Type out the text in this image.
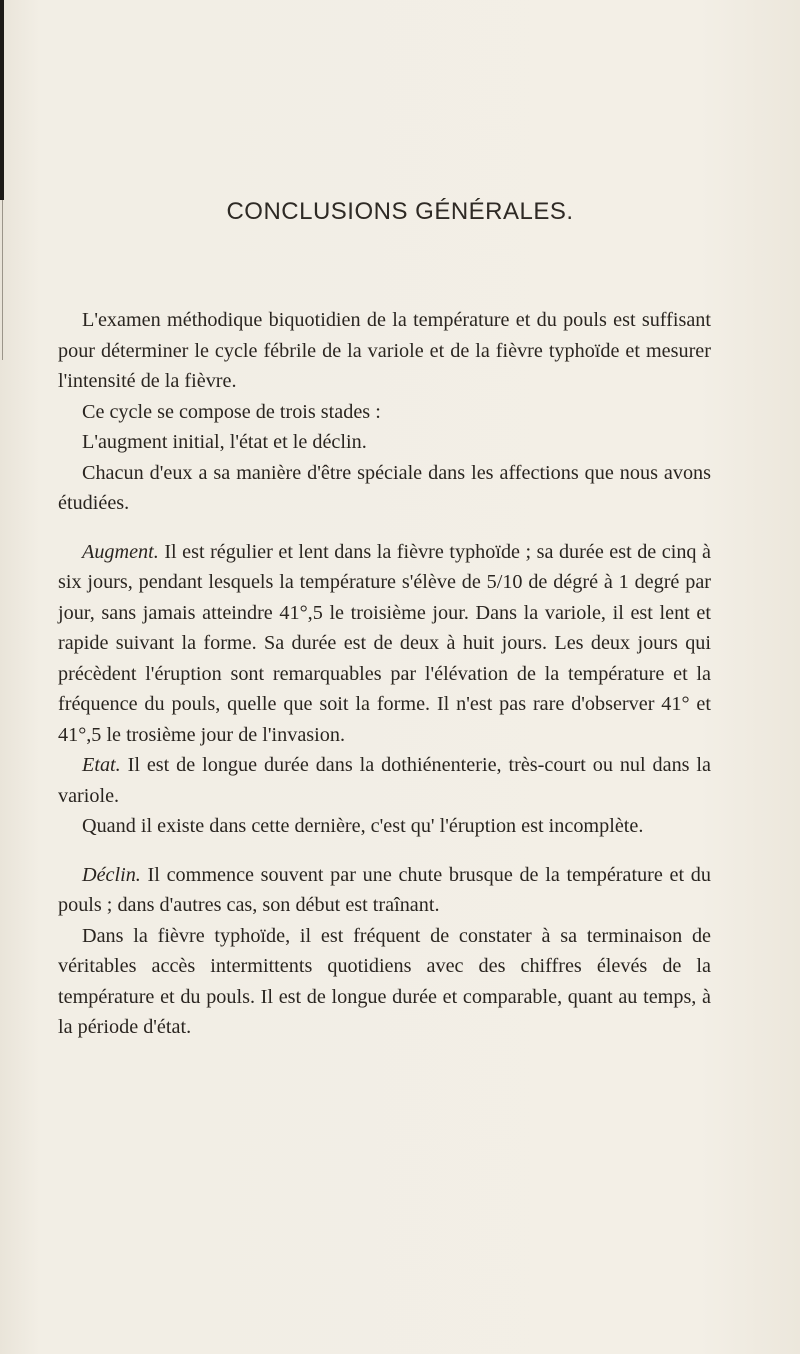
CONCLUSIONS GÉNÉRALES.

L'examen méthodique biquotidien de la température et du pouls est suffisant pour déterminer le cycle fébrile de la variole et de la fièvre typhoïde et mesurer l'intensité de la fièvre.

Ce cycle se compose de trois stades :

L'augment initial, l'état et le déclin.

Chacun d'eux a sa manière d'être spéciale dans les affections que nous avons étudiées.

Augment. Il est régulier et lent dans la fièvre typhoïde ; sa durée est de cinq à six jours, pendant lesquels la température s'élève de 5/10 de dégré à 1 degré par jour, sans jamais atteindre 41°,5 le troisième jour. Dans la variole, il est lent et rapide suivant la forme. Sa durée est de deux à huit jours. Les deux jours qui précèdent l'éruption sont remarquables par l'élévation de la température et la fréquence du pouls, quelle que soit la forme. Il n'est pas rare d'observer 41° et 41°,5 le trosième jour de l'invasion.

Etat. Il est de longue durée dans la dothiénenterie, très-court ou nul dans la variole.

Quand il existe dans cette dernière, c'est qu' l'éruption est incomplète.

Déclin. Il commence souvent par une chute brusque de la température et du pouls ; dans d'autres cas, son début est traînant.

Dans la fièvre typhoïde, il est fréquent de constater à sa terminaison de véritables accès intermittents quotidiens avec des chiffres élevés de la température et du pouls. Il est de longue durée et comparable, quant au temps, à la période d'état.
